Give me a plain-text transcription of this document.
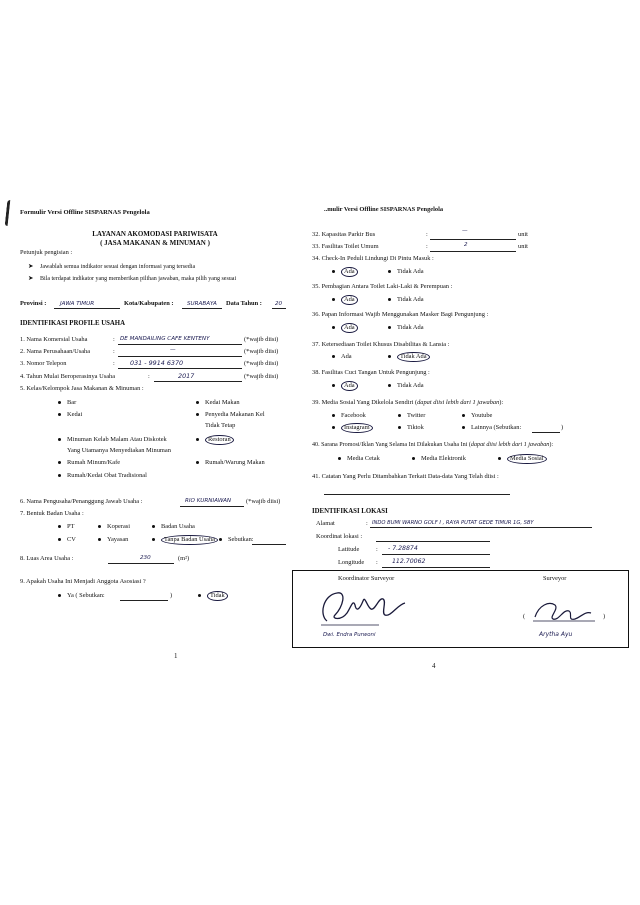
Formulir Versi Offline SISPARNAS Pengelola
LAYANAN AKOMODASI PARIWISATA
( JASA MAKANAN & MINUMAN )
Petunjuk pengisian :
➤ Jawablah semua indikator sesuai dengan informasi yang tersedia
➤ Bila terdapat indikator yang memberikan pilihan jawaban, maka pilih yang sesuai
Provinsi : JAWA TIMUR	Kota/Kabupaten : SURABAYA Data Tahun : 20
IDENTIFIKASI PROFILE USAHA
1. Nama Komersial Usaha	: DE MANDAILING CAFE KENTENY	(*wajib diisi)
2. Nama Perusahaan/Usaha	:	—	(*wajib diisi)
3. Nomor Telepon	: 031 - 9914 6370	(*wajib diisi)
4. Tahun Mulai Beroperasinya Usaha	:	2017	(*wajib diisi)
5. Kelas/Kelompok Jasa Makanan & Minuman :
Bar
Kedai
Minuman Kelab Malam Atau Diskotek
Yang Utamanya Menyediakan Minuman
Rumah Minum/Kafe
Rumah/Kedai Obat Tradisional
Kedai Makan
Penyedia Makanan Kel
Tidak Tetap
Restoran
Rumah/Warung Makan
6. Nama Pengusaha/Penanggung Jawab Usaha :	RIO KURNIAWAN (*wajib diisi)
7. Bentuk Badan Usaha :
PT	Koperasi	Badan Usaha
CV	Yayasan	Tanpa Badan Usaha	Sebutkan:
8. Luas Area Usaha :	230	(m²)
9. Apakah Usaha Ini Menjadi Anggota Asosiasi ?
Ya ( Sebutkan:	)	Tidak
1
..mulir Versi Offline SISPARNAS Pengelola
32. Kapasitas Parkir Bus	:	—	unit
33. Fasilitas Toilet Umum	:	2	unit
34. Check-In Peduli Lindungi Di Pintu Masuk :
Ada	Tidak Ada
35. Pembagian Antara Toilet Laki-Laki & Perempuan :
Ada	Tidak Ada
36. Papan Informasi Wajib Menggunakan Masker Bagi Pengunjung :
Ada	Tidak Ada
37. Ketersediaan Toilet Khusus Disabilitas & Lansia :
Ada	Tidak Ada
38. Fasilitas Cuci Tangan Untuk Pengunjung :
Ada	Tidak Ada
39. Media Sosial Yang Dikelola Sendiri (dapat diisi lebih dari 1 jawaban):
Facebook	Twitter	Youtube
Instagram	Tiktok	Lainnya (Sebutkan:	)
40. Sarana Promosi/Iklan Yang Selama Ini Dilakukan Usaha Ini (dapat diisi lebih dari 1 jawaban):
Media Cetak	Media Elektronik	Media Sosial
41. Catatan Yang Perlu Ditambahkan Terkait Data-data Yang Telah diisi :
IDENTIFIKASI LOKASI
Alamat	: INDO BUMI WARNO GOLF I , RAYA PUTAT GEDE TIMUR 1G, SBY
Koordinat lokasi :
Latitude	: - 7.28874
Longitude : 112.70062
4
Koordinator Surveyor	Surveyor
Dwi. Endra Purwoni
(	)
Arytha Ayu
